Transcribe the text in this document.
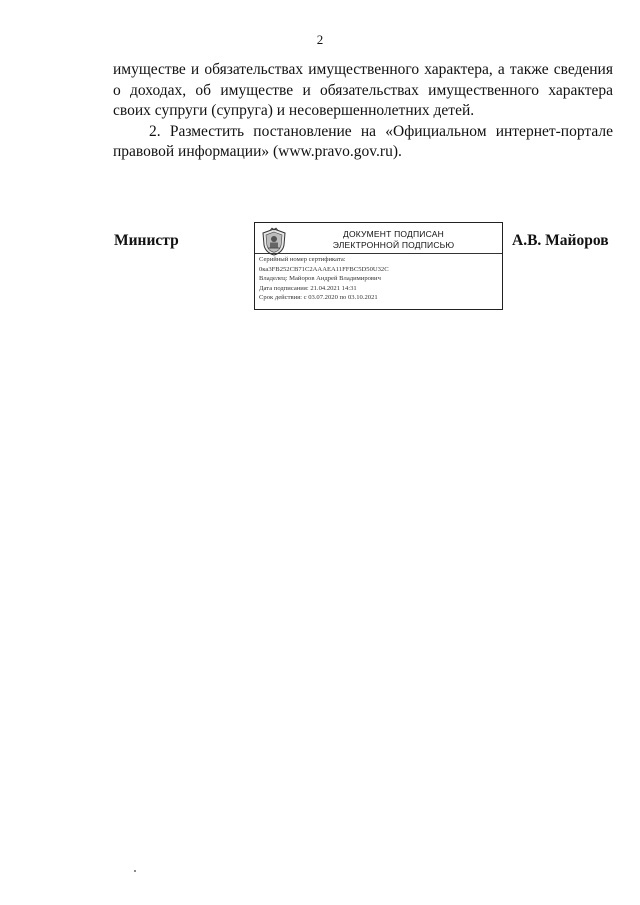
2

имуществе и обязательствах имущественного характера, а также сведения о доходах, об имуществе и обязательствах имущественного характера своих супруги (супруга) и несовершеннолетних детей.

2. Разместить постановление на «Официальном интернет-портале правовой информации» (www.pravo.gov.ru).

Министр	ДОКУМЕНТ ПОДПИСАН
ЭЛЕКТРОННОЙ ПОДПИСЬЮ
Серийный номер сертификата:
0ка3FB252CB71C2AAAEA11FFBC5D50U32C
Владелец: Майоров Андрей Владимирович
Дата подписания: 21.04.2021 14:31
Срок действия: с 03.07.2020 по 03.10.2021
А.В. Майоров
